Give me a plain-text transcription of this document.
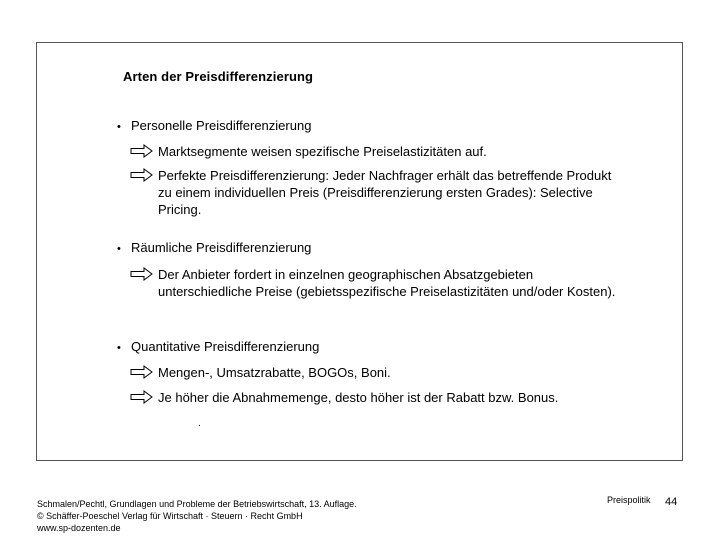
Arten der Preisdifferenzierung
• Personelle Preisdifferenzierung
Marktsegmente weisen spezifische Preiselastizitäten auf.
Perfekte Preisdifferenzierung: Jeder Nachfrager erhält das betreffende Produkt zu einem individuellen Preis (Preisdifferenzierung ersten Grades): Selective Pricing.
• Räumliche Preisdifferenzierung
Der Anbieter fordert in einzelnen geographischen Absatzgebieten unterschiedliche Preise (gebietsspezifische Preiselastizitäten und/oder Kosten).
• Quantitative Preisdifferenzierung
Mengen-, Umsatzrabatte, BOGOs, Boni.
Je höher die Abnahmemenge, desto höher ist der Rabatt bzw. Bonus.
.
Schmalen/Pechtl, Grundlagen und Probleme der Betriebswirtschaft, 13. Auflage.
© Schäffer-Poeschel Verlag für Wirtschaft · Steuern · Recht GmbH
www.sp-dozenten.de
Preispolitik 44
